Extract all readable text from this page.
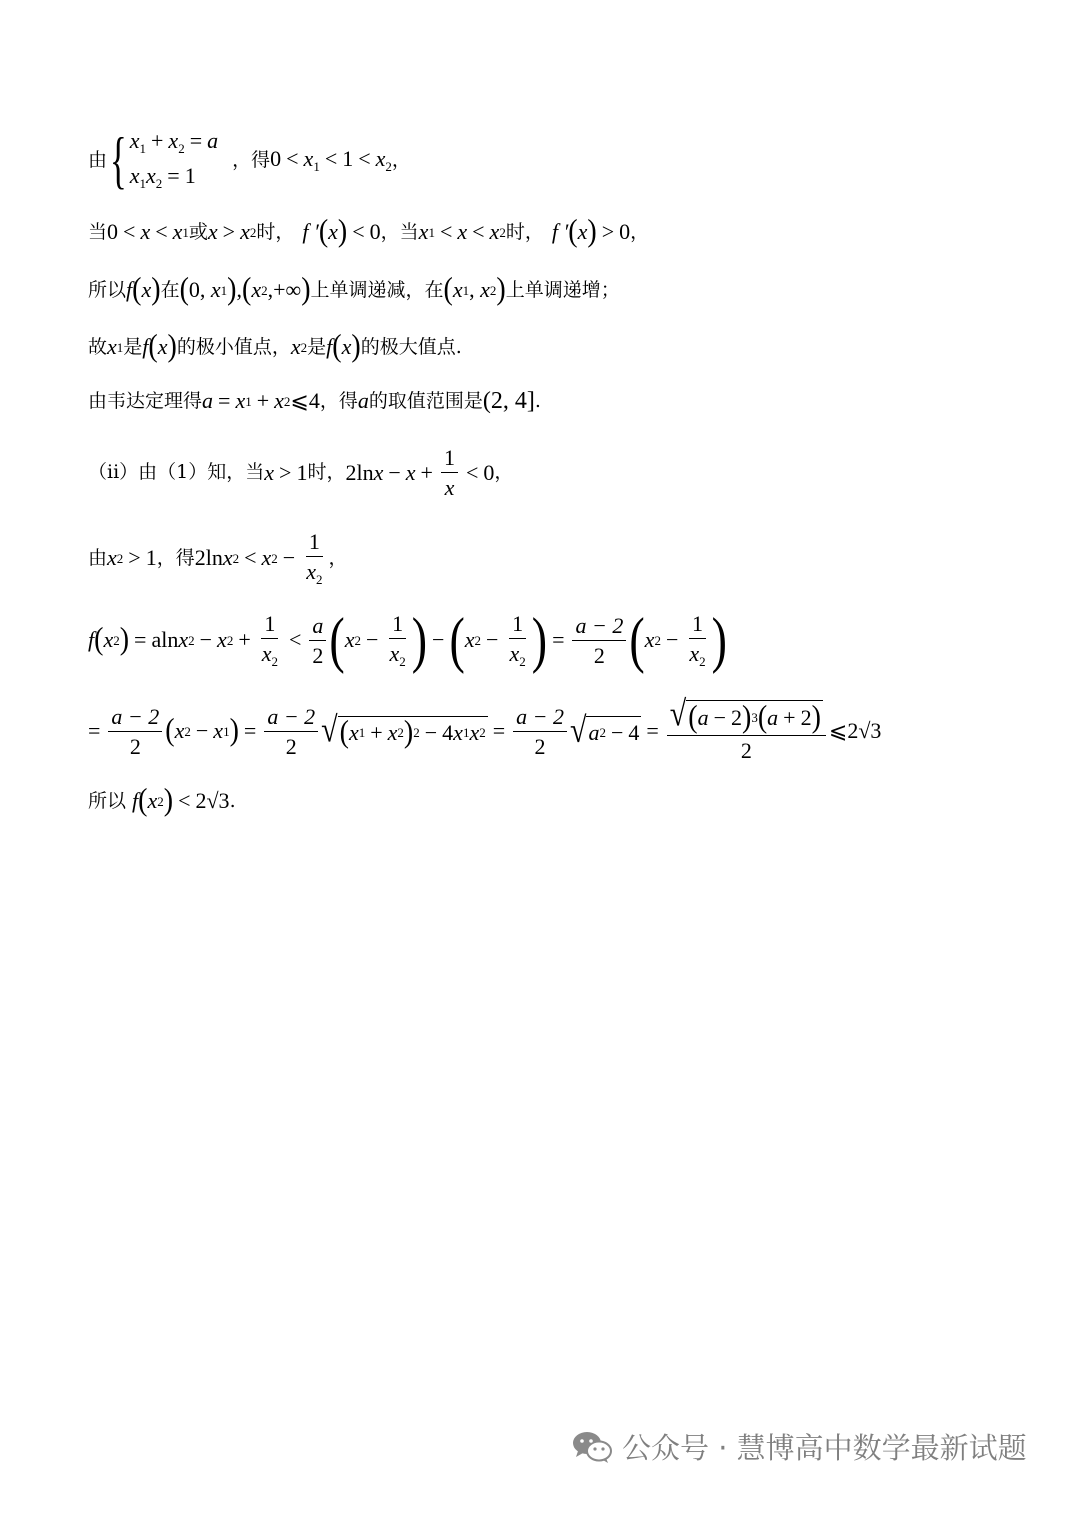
由 { $x_1 + x_2 = a$
$x_1x_2 = 1$
，得 $0 < x_1 < 1 < x_2$ ，
当 0 < x < x 1 或 x > x 2 时， f ′ ( x ) < 0 ，当 x 1 < x < x 2 时， f ′ ( x ) > 0 ，
所以 f ( x ) 在 ( 0 , x 1 ) , ( x 2 , +∞ ) 上单调递减，在 ( x 1 , x 2 ) 上单调递增；
故 x 1 是 f ( x ) 的极小值点， x 2 是 f ( x ) 的极大值点.
由韦达定理得 a = x 1 + x 2 ⩽ 4 ，得 a 的取值范围是 (2, 4] .
（ii）由（1）知，当 x > 1 时， 2ln $x - x + \frac{1}{x} < 0$ ，
由 x 2 > 1 ，得 2ln x 2 < x $2 - \frac{1}{x_2}$ ，
f ( x 2 ) = aln x 2 − x $2 + \frac{1}{x_2} < \frac{a}{2}$ ( x $2 - \frac{1}{x_2}$ ) − ( x $2 - \frac{1}{x_2}$ ) = $\frac{a - 2}{2}$ ( x $2 - \frac{1}{x_2}$ )
= $\frac{a - 2}{2}$ ( x 2 − x 1 ) = $\frac{a - 2}{2}$ √ ( x 1 + x 2 ) 2 − 4 x 1 x $2 = \frac{a - 2}{2}$ √ a $2 - 4 = \frac{√ ( a - 2 ) 3 ( a + 2 )}{2}$ ⩽ 2√3
所以 f ( x 2 ) < 2√3 .
公众号 · 慧博高中数学最新试题
